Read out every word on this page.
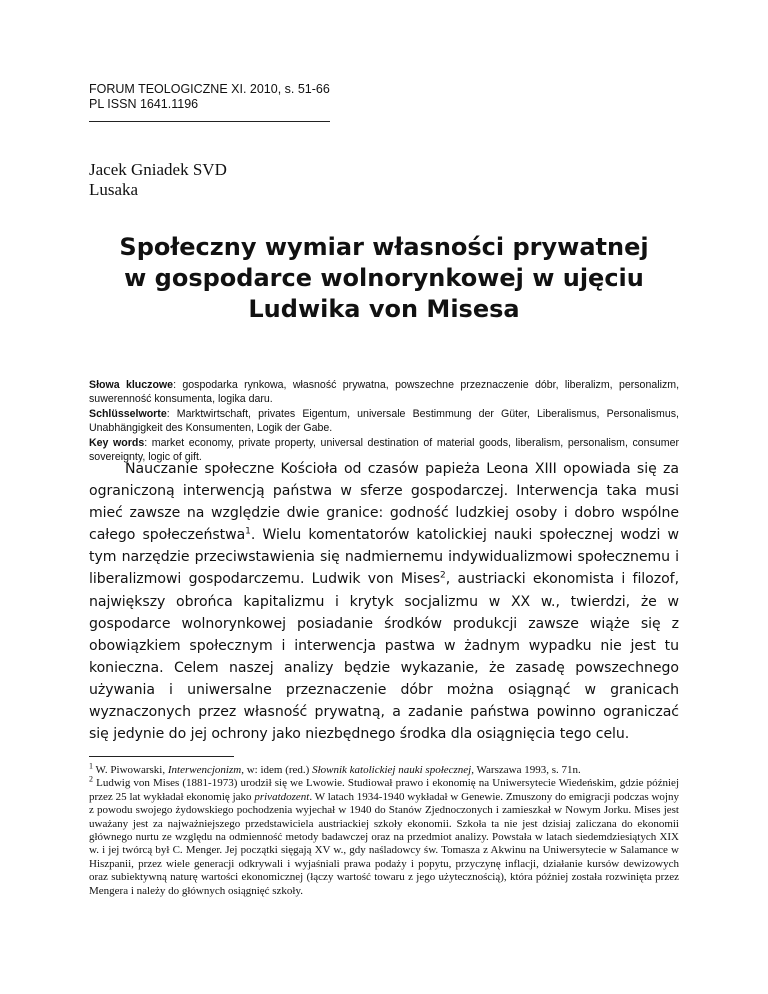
FORUM TEOLOGICZNE XI. 2010, s. 51-66
PL ISSN 1641.1196
Jacek Gniadek SVD
Lusaka
Społeczny wymiar własności prywatnej
w gospodarce wolnorynkowej w ujęciu
Ludwika von Misesa
Słowa kluczowe: gospodarka rynkowa, własność prywatna, powszechne przeznaczenie dóbr, liberalizm, personalizm, suwerenność konsumenta, logika daru.
Schlüsselworte: Marktwirtschaft, privates Eigentum, universale Bestimmung der Güter, Liberalismus, Personalismus, Unabhängigkeit des Konsumenten, Logik der Gabe.
Key words: market economy, private property, universal destination of material goods, liberalism, personalism, consumer sovereignty, logic of gift.
Nauczanie społeczne Kościoła od czasów papieża Leona XIII opowiada się za ograniczoną interwencją państwa w sferze gospodarczej. Interwencja taka musi mieć zawsze na względzie dwie granice: godność ludzkiej osoby i dobro wspólne całego społeczeństwa$^1$. Wielu komentatorów katolickiej nauki społecznej wodzi w tym narzędzie przeciwstawienia się nadmiernemu indywidualizmowi społecznemu i liberalizmowi gospodarczemu. Ludwik von Mises$^2$, austriacki ekonomista i filozof, największy obrońca kapitalizmu i krytyk socjalizmu w XX w., twierdzi, że w gospodarce wolnorynkowej posiadanie środków produkcji zawsze wiąże się z obowiązkiem społecznym i interwencja pastwa w żadnym wypadku nie jest tu konieczna. Celem naszej analizy będzie wykazanie, że zasadę powszechnego używania i uniwersalne przeznaczenie dóbr można osiągnąć w granicach wyznaczonych przez własność prywatną, a zadanie państwa powinno ograniczać się jedynie do jej ochrony jako niezbędnego środka dla osiągnięcia tego celu.

$^1$ W. Piwowarski, Interwencjonizm, w: idem (red.) Słownik katolickiej nauki społecznej, Warszawa 1993, s. 71n.

$^2$ Ludwig von Mises (1881-1973) urodził się we Lwowie. Studiował prawo i ekonomię na Uniwersytecie Wiedeńskim, gdzie później przez 25 lat wykładał ekonomię jako privatdozent. W latach 1934-1940 wykładał w Genewie. Zmuszony do emigracji podczas wojny z powodu swojego żydowskiego pochodzenia wyjechał w 1940 do Stanów Zjednoczonych i zamieszkał w Nowym Jorku. Mises jest uważany jest za najważniejszego przedstawiciela austriackiej szkoły ekonomii. Szkoła ta nie jest dzisiaj zaliczana do ekonomii głównego nurtu ze względu na odmienność metody badawczej oraz na przedmiot analizy. Powstała w latach siedemdziesiątych XIX w. i jej twórcą był C. Menger. Jej początki sięgają XV w., gdy naśladowcy św. Tomasza z Akwinu na Uniwersytecie w Salamance w Hiszpanii, przez wiele generacji odkrywali i wyjaśniali prawa podaży i popytu, przyczynę inflacji, działanie kursów dewizowych oraz subiektywną naturę wartości ekonomicznej (łączy wartość towaru z jego użytecznością), która później została rozwinięta przez Mengera i należy do głównych osiągnięć szkoły.
